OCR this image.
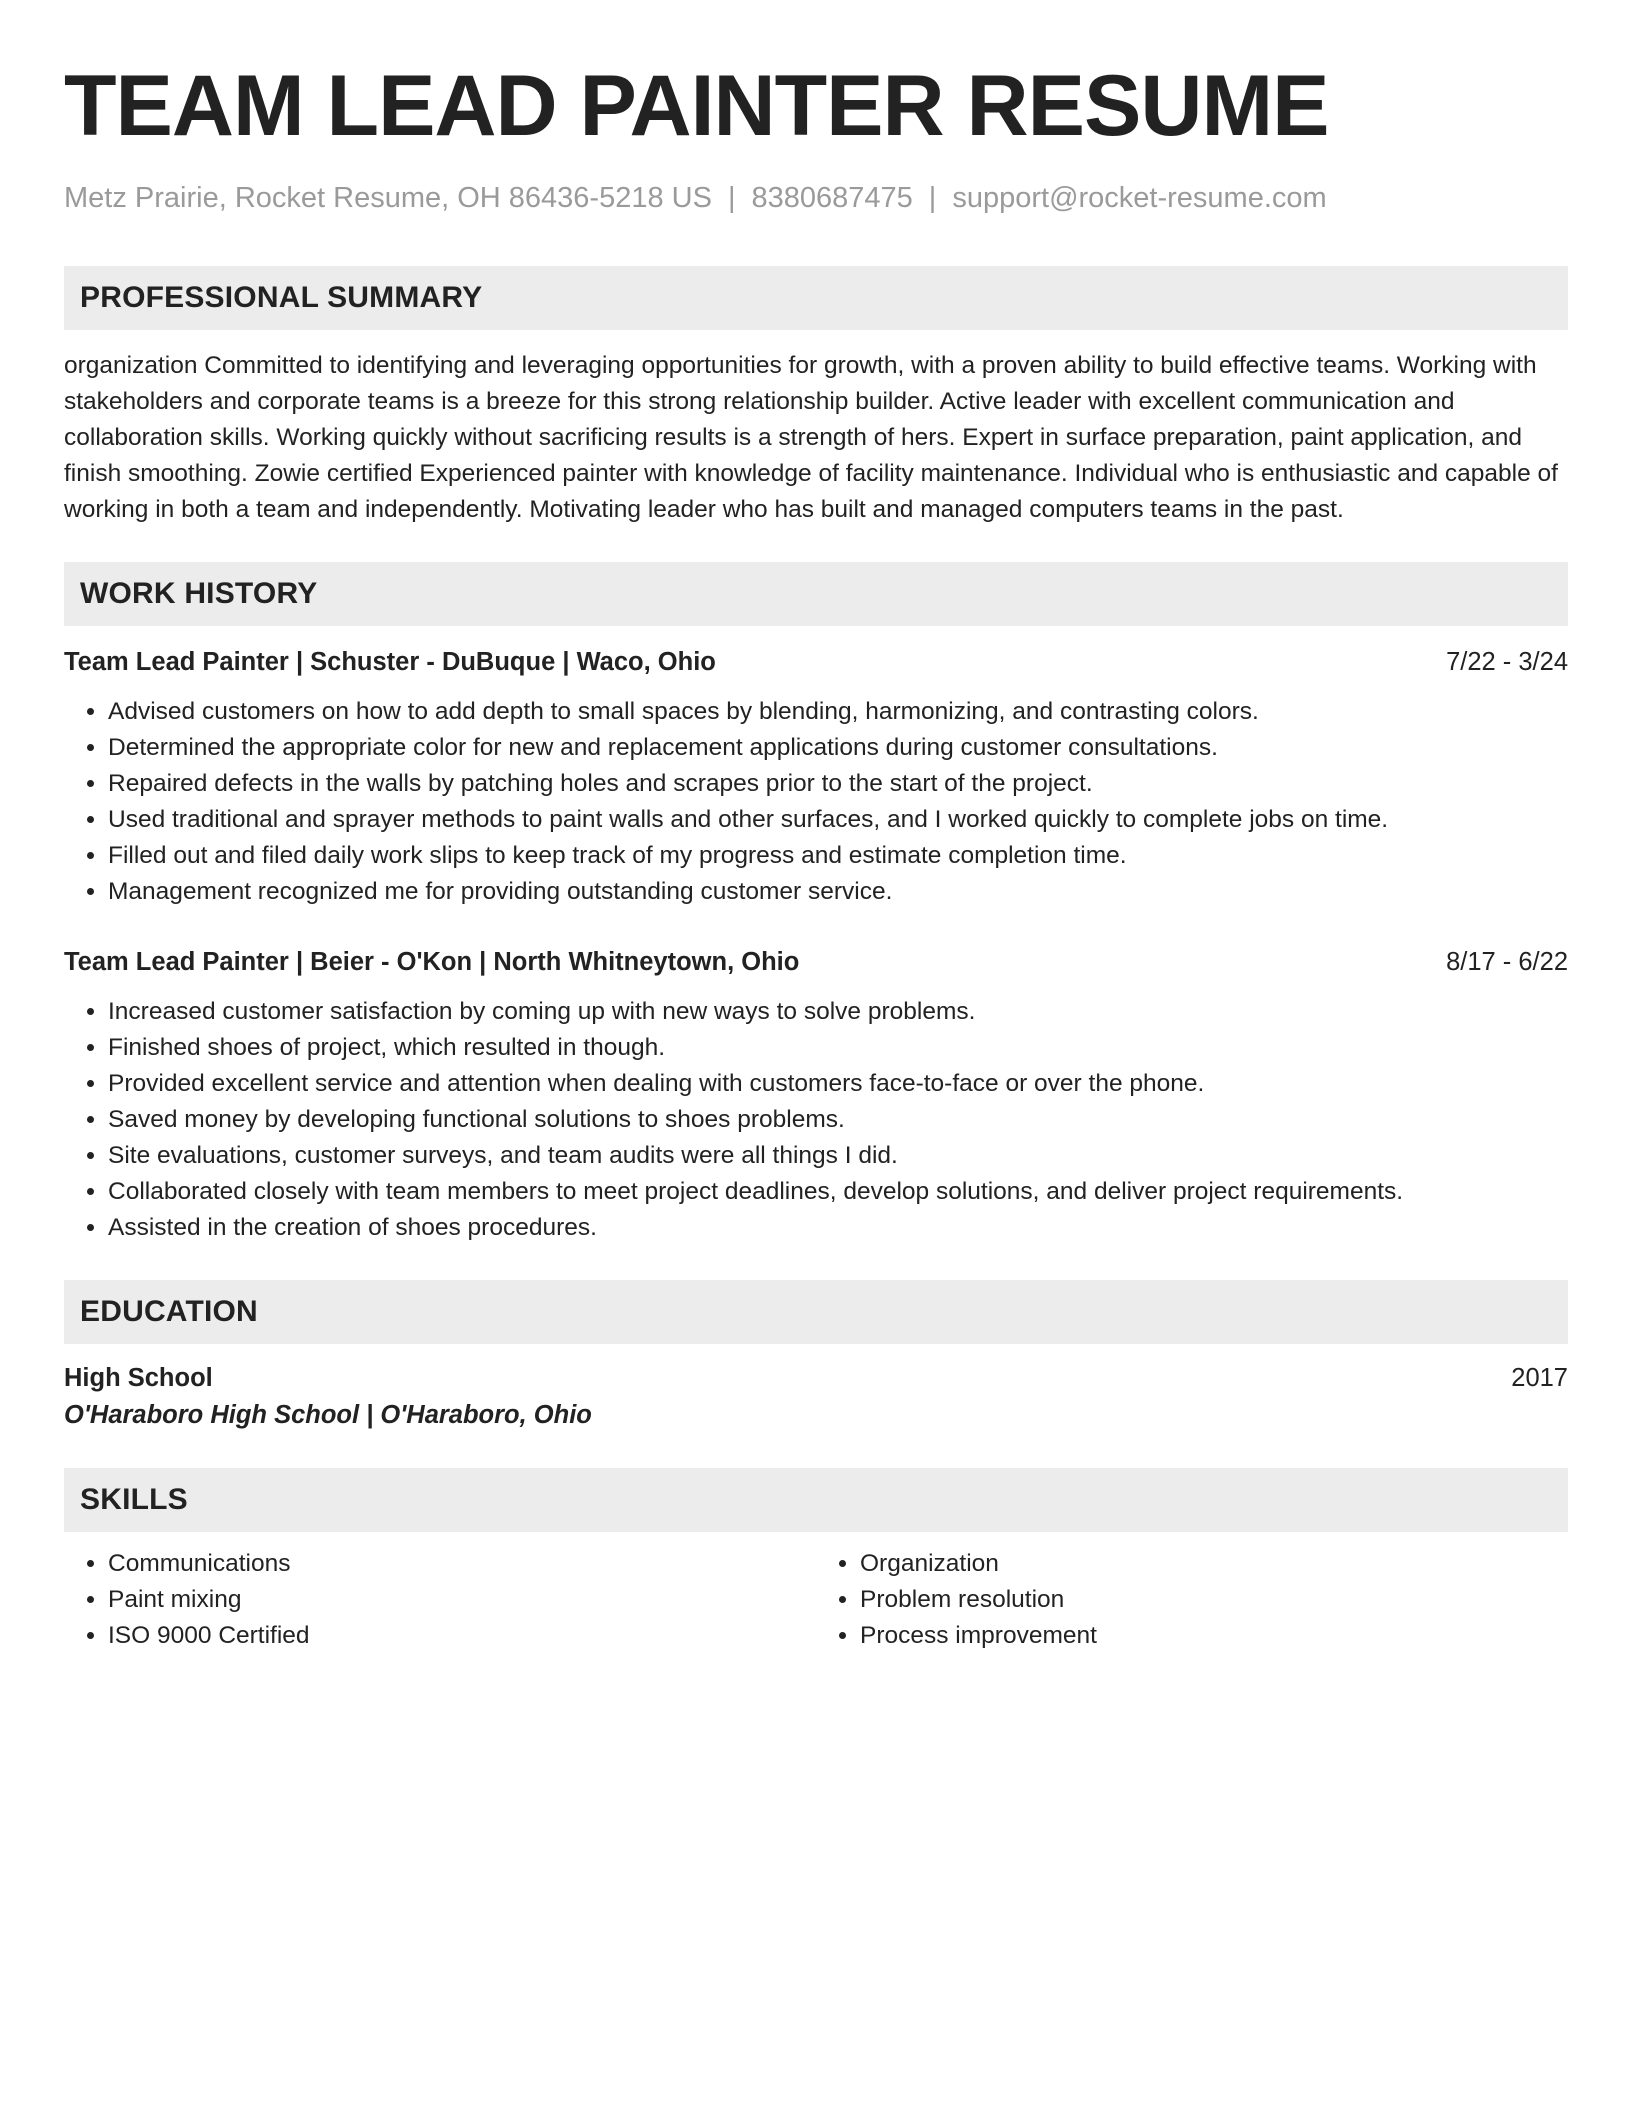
TEAM LEAD PAINTER RESUME
Metz Prairie, Rocket Resume, OH 86436-5218 US | 8380687475 | support@rocket-resume.com
PROFESSIONAL SUMMARY
organization Committed to identifying and leveraging opportunities for growth, with a proven ability to build effective teams. Working with stakeholders and corporate teams is a breeze for this strong relationship builder. Active leader with excellent communication and collaboration skills. Working quickly without sacrificing results is a strength of hers. Expert in surface preparation, paint application, and finish smoothing. Zowie certified Experienced painter with knowledge of facility maintenance. Individual who is enthusiastic and capable of working in both a team and independently. Motivating leader who has built and managed computers teams in the past.
WORK HISTORY
Team Lead Painter | Schuster - DuBuque | Waco, Ohio	7/22 - 3/24
• Advised customers on how to add depth to small spaces by blending, harmonizing, and contrasting colors.
• Determined the appropriate color for new and replacement applications during customer consultations.
• Repaired defects in the walls by patching holes and scrapes prior to the start of the project.
• Used traditional and sprayer methods to paint walls and other surfaces, and I worked quickly to complete jobs on time.
• Filled out and filed daily work slips to keep track of my progress and estimate completion time.
• Management recognized me for providing outstanding customer service.
Team Lead Painter | Beier - O'Kon | North Whitneytown, Ohio	8/17 - 6/22
• Increased customer satisfaction by coming up with new ways to solve problems.
• Finished shoes of project, which resulted in though.
• Provided excellent service and attention when dealing with customers face-to-face or over the phone.
• Saved money by developing functional solutions to shoes problems.
• Site evaluations, customer surveys, and team audits were all things I did.
• Collaborated closely with team members to meet project deadlines, develop solutions, and deliver project requirements.
• Assisted in the creation of shoes procedures.
EDUCATION
High School	2017
O'Haraboro High School | O'Haraboro, Ohio
SKILLS
• Communications
• Paint mixing
• ISO 9000 Certified
• Organization
• Problem resolution
• Process improvement
